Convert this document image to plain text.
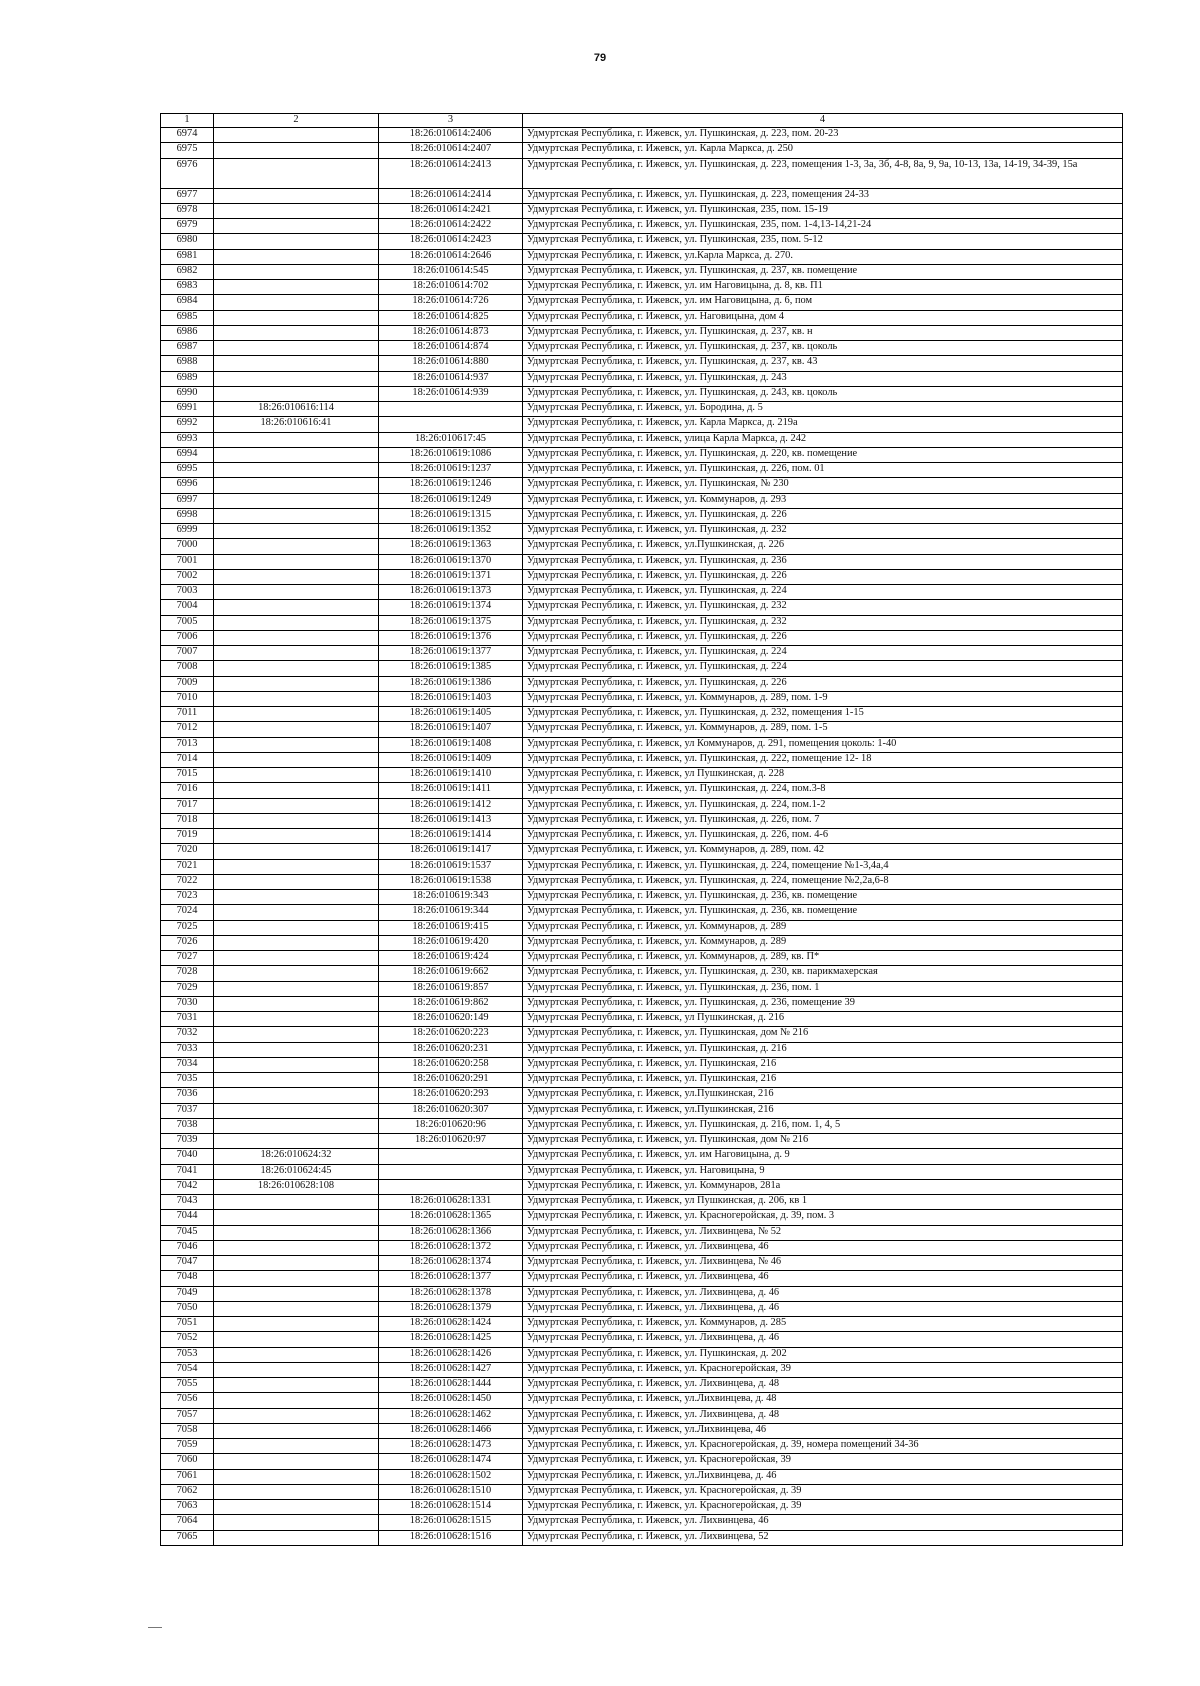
79
1	2	3	4
6974		18:26:010614:2406	Удмуртская Республика, г. Ижевск, ул. Пушкинская, д. 223, пом. 20-23
6975		18:26:010614:2407	Удмуртская Республика, г. Ижевск, ул. Карла Маркса, д. 250
6976		18:26:010614:2413	Удмуртская Республика, г. Ижевск, ул. Пушкинская, д. 223, помещения 1-3, 3а, 3б, 4-8, 8а, 9, 9а, 10-13, 13а, 14-19, 34-39, 15а
6977		18:26:010614:2414	Удмуртская Республика, г. Ижевск, ул. Пушкинская, д. 223, помещения 24-33
6978		18:26:010614:2421	Удмуртская Республика, г. Ижевск, ул. Пушкинская, 235, пом. 15-19
6979		18:26:010614:2422	Удмуртская Республика, г. Ижевск, ул. Пушкинская, 235, пом. 1-4,13-14,21-24
6980		18:26:010614:2423	Удмуртская Республика, г. Ижевск, ул. Пушкинская, 235, пом. 5-12
6981		18:26:010614:2646	Удмуртская Республика, г. Ижевск, ул.Карла Маркса, д. 270.
6982		18:26:010614:545	Удмуртская Республика, г. Ижевск, ул. Пушкинская, д. 237, кв. помещение
6983		18:26:010614:702	Удмуртская Республика, г. Ижевск, ул. им Наговицына, д. 8, кв. П1
6984		18:26:010614:726	Удмуртская Республика, г. Ижевск, ул. им Наговицына, д. 6, пом
6985		18:26:010614:825	Удмуртская Республика, г. Ижевск, ул. Наговицына, дом 4
6986		18:26:010614:873	Удмуртская Республика, г. Ижевск, ул. Пушкинская, д. 237, кв. н
6987		18:26:010614:874	Удмуртская Республика, г. Ижевск, ул. Пушкинская, д. 237, кв. цоколь
6988		18:26:010614:880	Удмуртская Республика, г. Ижевск, ул. Пушкинская, д. 237, кв. 43
6989		18:26:010614:937	Удмуртская Республика, г. Ижевск, ул. Пушкинская, д. 243
6990		18:26:010614:939	Удмуртская Республика, г. Ижевск, ул. Пушкинская, д. 243, кв. цоколь
6991	18:26:010616:114		Удмуртская Республика, г. Ижевск, ул. Бородина, д. 5
6992	18:26:010616:41		Удмуртская Республика, г. Ижевск, ул. Карла Маркса, д. 219а
6993		18:26:010617:45	Удмуртская Республика, г. Ижевск, улица Карла Маркса, д. 242
6994		18:26:010619:1086	Удмуртская Республика, г. Ижевск, ул. Пушкинская, д. 220, кв. помещение
6995		18:26:010619:1237	Удмуртская Республика, г. Ижевск, ул. Пушкинская, д. 226, пом. 01
6996		18:26:010619:1246	Удмуртская Республика, г. Ижевск, ул. Пушкинская, № 230
6997		18:26:010619:1249	Удмуртская Республика, г. Ижевск, ул. Коммунаров, д. 293
6998		18:26:010619:1315	Удмуртская Республика, г. Ижевск, ул. Пушкинская, д. 226
6999		18:26:010619:1352	Удмуртская Республика, г. Ижевск, ул. Пушкинская, д. 232
7000		18:26:010619:1363	Удмуртская Республика, г. Ижевск, ул.Пушкинская, д. 226
7001		18:26:010619:1370	Удмуртская Республика, г. Ижевск, ул. Пушкинская, д. 236
7002		18:26:010619:1371	Удмуртская Республика, г. Ижевск, ул. Пушкинская, д. 226
7003		18:26:010619:1373	Удмуртская Республика, г. Ижевск, ул. Пушкинская, д. 224
7004		18:26:010619:1374	Удмуртская Республика, г. Ижевск, ул. Пушкинская, д. 232
7005		18:26:010619:1375	Удмуртская Республика, г. Ижевск, ул. Пушкинская, д. 232
7006		18:26:010619:1376	Удмуртская Республика, г. Ижевск, ул. Пушкинская, д. 226
7007		18:26:010619:1377	Удмуртская Республика, г. Ижевск, ул. Пушкинская, д. 224
7008		18:26:010619:1385	Удмуртская Республика, г. Ижевск, ул. Пушкинская, д. 224
7009		18:26:010619:1386	Удмуртская Республика, г. Ижевск, ул. Пушкинская, д. 226
7010		18:26:010619:1403	Удмуртская Республика, г. Ижевск, ул. Коммунаров, д. 289, пом. 1-9
7011		18:26:010619:1405	Удмуртская Республика, г. Ижевск, ул. Пушкинская, д. 232, помещения 1-15
7012		18:26:010619:1407	Удмуртская Республика, г. Ижевск, ул. Коммунаров, д. 289, пом. 1-5
7013		18:26:010619:1408	Удмуртская Республика, г. Ижевск, ул Коммунаров, д. 291, помещения цоколь: 1-40
7014		18:26:010619:1409	Удмуртская Республика, г. Ижевск, ул. Пушкинская, д. 222, помещение 12- 18
7015		18:26:010619:1410	Удмуртская Республика, г. Ижевск, ул Пушкинская, д. 228
7016		18:26:010619:1411	Удмуртская Республика, г. Ижевск, ул. Пушкинская, д. 224, пом.3-8
7017		18:26:010619:1412	Удмуртская Республика, г. Ижевск, ул. Пушкинская, д. 224, пом.1-2
7018		18:26:010619:1413	Удмуртская Республика, г. Ижевск, ул. Пушкинская, д. 226, пом. 7
7019		18:26:010619:1414	Удмуртская Республика, г. Ижевск, ул. Пушкинская, д. 226, пом. 4-6
7020		18:26:010619:1417	Удмуртская Республика, г. Ижевск, ул. Коммунаров, д. 289, пом. 42
7021		18:26:010619:1537	Удмуртская Республика, г. Ижевск, ул. Пушкинская, д. 224, помещение №1-3,4а,4
7022		18:26:010619:1538	Удмуртская Республика, г. Ижевск, ул. Пушкинская, д. 224, помещение №2,2а,6-8
7023		18:26:010619:343	Удмуртская Республика, г. Ижевск, ул. Пушкинская, д. 236, кв. помещение
7024		18:26:010619:344	Удмуртская Республика, г. Ижевск, ул. Пушкинская, д. 236, кв. помещение
7025		18:26:010619:415	Удмуртская Республика, г. Ижевск, ул. Коммунаров, д. 289
7026		18:26:010619:420	Удмуртская Республика, г. Ижевск, ул. Коммунаров, д. 289
7027		18:26:010619:424	Удмуртская Республика, г. Ижевск, ул. Коммунаров, д. 289, кв. П*
7028		18:26:010619:662	Удмуртская Республика, г. Ижевск, ул. Пушкинская, д. 230, кв. парикмахерская
7029		18:26:010619:857	Удмуртская Республика, г. Ижевск, ул. Пушкинская, д. 236, пом. 1
7030		18:26:010619:862	Удмуртская Республика, г. Ижевск, ул. Пушкинская, д. 236, помещение 39
7031		18:26:010620:149	Удмуртская Республика, г. Ижевск, ул Пушкинская, д. 216
7032		18:26:010620:223	Удмуртская Республика, г. Ижевск, ул. Пушкинская, дом № 216
7033		18:26:010620:231	Удмуртская Республика, г. Ижевск, ул. Пушкинская, д. 216
7034		18:26:010620:258	Удмуртская Республика, г. Ижевск, ул. Пушкинская, 216
7035		18:26:010620:291	Удмуртская Республика, г. Ижевск, ул. Пушкинская, 216
7036		18:26:010620:293	Удмуртская Республика, г. Ижевск, ул.Пушкинская, 216
7037		18:26:010620:307	Удмуртская Республика, г. Ижевск, ул.Пушкинская, 216
7038		18:26:010620:96	Удмуртская Республика, г. Ижевск, ул. Пушкинская, д. 216, пом. 1, 4, 5
7039		18:26:010620:97	Удмуртская Республика, г. Ижевск, ул. Пушкинская, дом № 216
7040	18:26:010624:32		Удмуртская Республика, г. Ижевск, ул. им Наговицына, д. 9
7041	18:26:010624:45		Удмуртская Республика, г. Ижевск, ул. Наговицына, 9
7042	18:26:010628:108		Удмуртская Республика, г. Ижевск, ул. Коммунаров, 281а
7043		18:26:010628:1331	Удмуртская Республика, г. Ижевск, ул Пушкинская, д. 206, кв 1
7044		18:26:010628:1365	Удмуртская Республика, г. Ижевск, ул. Красногеройская, д. 39, пом. 3
7045		18:26:010628:1366	Удмуртская Республика, г. Ижевск, ул. Лихвинцева, № 52
7046		18:26:010628:1372	Удмуртская Республика, г. Ижевск, ул. Лихвинцева, 46
7047		18:26:010628:1374	Удмуртская Республика, г. Ижевск, ул. Лихвинцева, № 46
7048		18:26:010628:1377	Удмуртская Республика, г. Ижевск, ул. Лихвинцева, 46
7049		18:26:010628:1378	Удмуртская Республика, г. Ижевск, ул. Лихвинцева, д. 46
7050		18:26:010628:1379	Удмуртская Республика, г. Ижевск, ул. Лихвинцева, д. 46
7051		18:26:010628:1424	Удмуртская Республика, г. Ижевск, ул. Коммунаров, д. 285
7052		18:26:010628:1425	Удмуртская Республика, г. Ижевск, ул. Лихвинцева, д. 46
7053		18:26:010628:1426	Удмуртская Республика, г. Ижевск, ул. Пушкинская, д. 202
7054		18:26:010628:1427	Удмуртская Республика, г. Ижевск, ул. Красногеройская, 39
7055		18:26:010628:1444	Удмуртская Республика, г. Ижевск, ул. Лихвинцева, д. 48
7056		18:26:010628:1450	Удмуртская Республика, г. Ижевск, ул.Лихвинцева, д. 48
7057		18:26:010628:1462	Удмуртская Республика, г. Ижевск, ул. Лихвинцева, д. 48
7058		18:26:010628:1466	Удмуртская Республика, г. Ижевск, ул.Лихвинцева, 46
7059		18:26:010628:1473	Удмуртская Республика, г. Ижевск, ул. Красногеройская, д. 39, номера помещений 34-36
7060		18:26:010628:1474	Удмуртская Республика, г. Ижевск, ул. Красногеройская, 39
7061		18:26:010628:1502	Удмуртская Республика, г. Ижевск, ул.Лихвинцева, д. 46
7062		18:26:010628:1510	Удмуртская Республика, г. Ижевск, ул. Красногеройская, д. 39
7063		18:26:010628:1514	Удмуртская Республика, г. Ижевск, ул. Красногеройская, д. 39
7064		18:26:010628:1515	Удмуртская Республика, г. Ижевск, ул. Лихвинцева, 46
7065		18:26:010628:1516	Удмуртская Республика, г. Ижевск, ул. Лихвинцева, 52
